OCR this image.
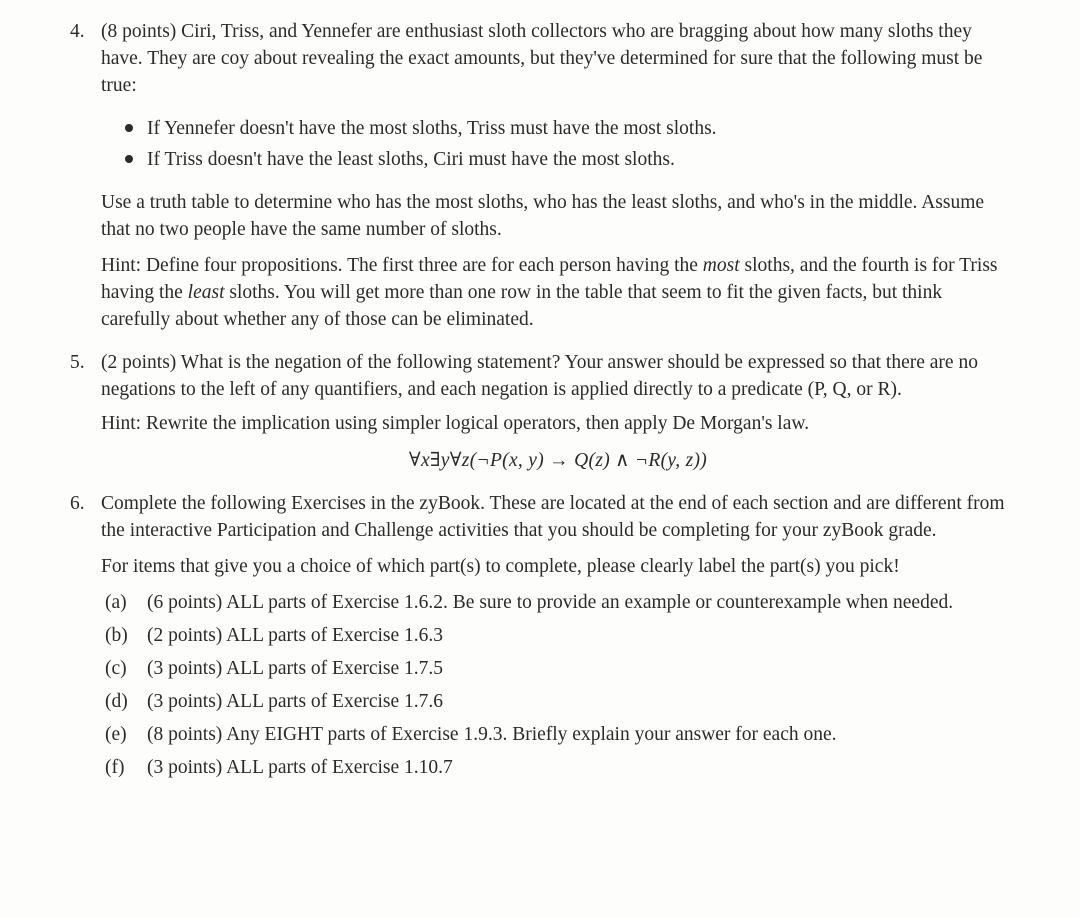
4. (8 points) Ciri, Triss, and Yennefer are enthusiast sloth collectors who are bragging about how many sloths they have. They are coy about revealing the exact amounts, but they've determined for sure that the following must be true:

If Yennefer doesn't have the most sloths, Triss must have the most sloths.
If Triss doesn't have the least sloths, Ciri must have the most sloths.

Use a truth table to determine who has the most sloths, who has the least sloths, and who's in the middle. Assume that no two people have the same number of sloths.

Hint: Define four propositions. The first three are for each person having the most sloths, and the fourth is for Triss having the least sloths. You will get more than one row in the table that seem to fit the given facts, but think carefully about whether any of those can be eliminated.

5. (2 points) What is the negation of the following statement? Your answer should be expressed so that there are no negations to the left of any quantifiers, and each negation is applied directly to a predicate (P, Q, or R).

Hint: Rewrite the implication using simpler logical operators, then apply De Morgan's law.

∀x∃y∀z(¬P(x, y) → Q(z) ∧ ¬R(y, z))

6. Complete the following Exercises in the zyBook. These are located at the end of each section and are different from the interactive Participation and Challenge activities that you should be completing for your zyBook grade.

For items that give you a choice of which part(s) to complete, please clearly label the part(s) you pick!

(a) (6 points) ALL parts of Exercise 1.6.2. Be sure to provide an example or counterexample when needed.
(b) (2 points) ALL parts of Exercise 1.6.3
(c) (3 points) ALL parts of Exercise 1.7.5
(d) (3 points) ALL parts of Exercise 1.7.6
(e) (8 points) Any EIGHT parts of Exercise 1.9.3. Briefly explain your answer for each one.
(f) (3 points) ALL parts of Exercise 1.10.7
